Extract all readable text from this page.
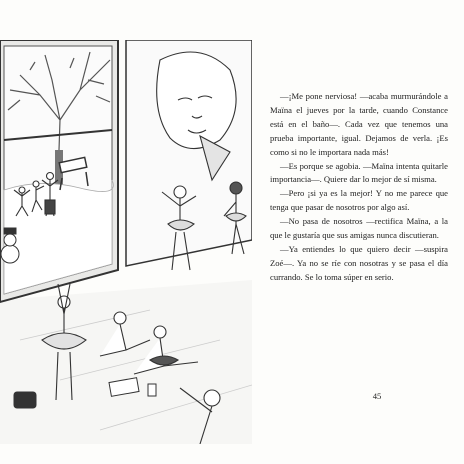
—¡Me pone nerviosa! —acaba murmurándole a Maïna el jueves por la tarde, cuando Constance está en el baño—. Cada vez que tenemos una prueba importante, igual. Dejamos de verla. ¡Es como si no le importara nada más!

—Es porque se agobia. —Maïna intenta quitarle importancia—. Quiere dar lo mejor de sí misma.

—Pero ¡si ya es la mejor! Y no me parece que tenga que pasar de nosotros por algo así.

—No pasa de nosotros —rectifica Maïna, a la que le gustaría que sus amigas nunca discutieran.

—Ya entiendes lo que quiero decir —suspira Zoé—. Ya no se ríe con nosotras y se pasa el día currando. Se lo toma súper en serio.

45
